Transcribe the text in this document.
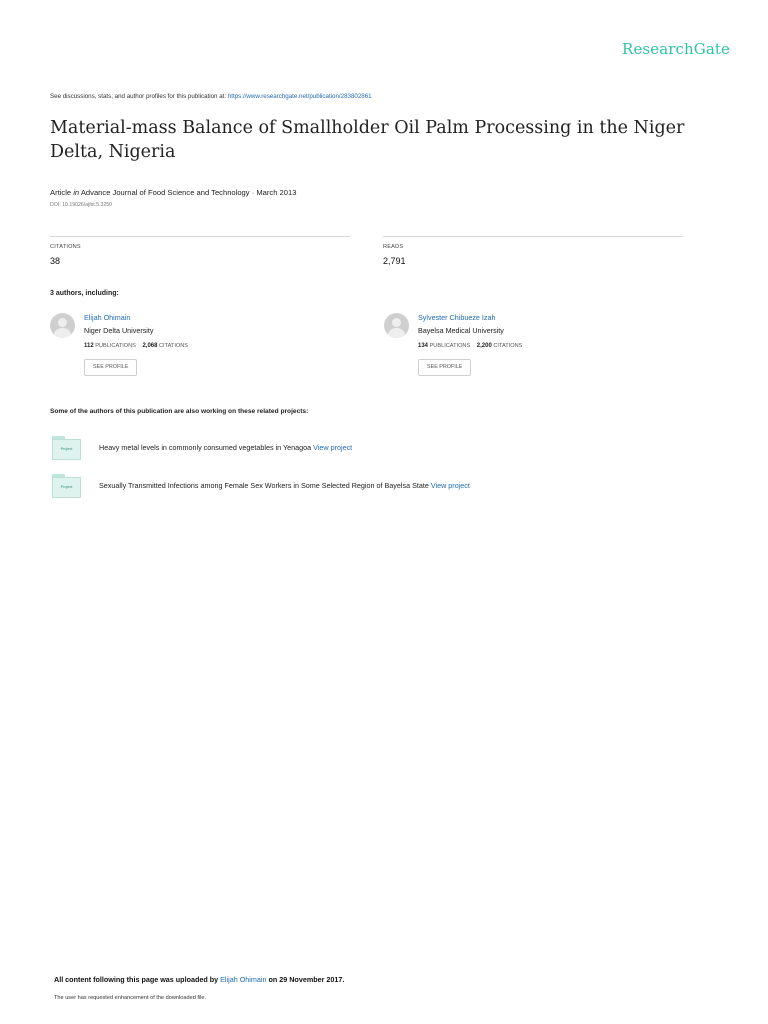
ResearchGate
See discussions, stats, and author profiles for this publication at: https://www.researchgate.net/publication/283802861
Material-mass Balance of Smallholder Oil Palm Processing in the Niger Delta, Nigeria
Article in Advance Journal of Food Science and Technology · March 2013
DOI: 10.19026/ajfst.5.3250
CITATIONS
38
READS
2,791
3 authors, including:
Elijah Ohimain
Niger Delta University
112 PUBLICATIONS 2,068 CITATIONS
SEE PROFILE
Sylvester Chibueze Izah
Bayelsa Medical University
134 PUBLICATIONS 2,200 CITATIONS
SEE PROFILE
Some of the authors of this publication are also working on these related projects:
Project	Heavy metal levels in commonly consumed vegetables in Yenagoa View project
Project	Sexually Transmitted Infections among Female Sex Workers in Some Selected Region of Bayelsa State View project
All content following this page was uploaded by Elijah Ohimain on 29 November 2017.
The user has requested enhancement of the downloaded file.
